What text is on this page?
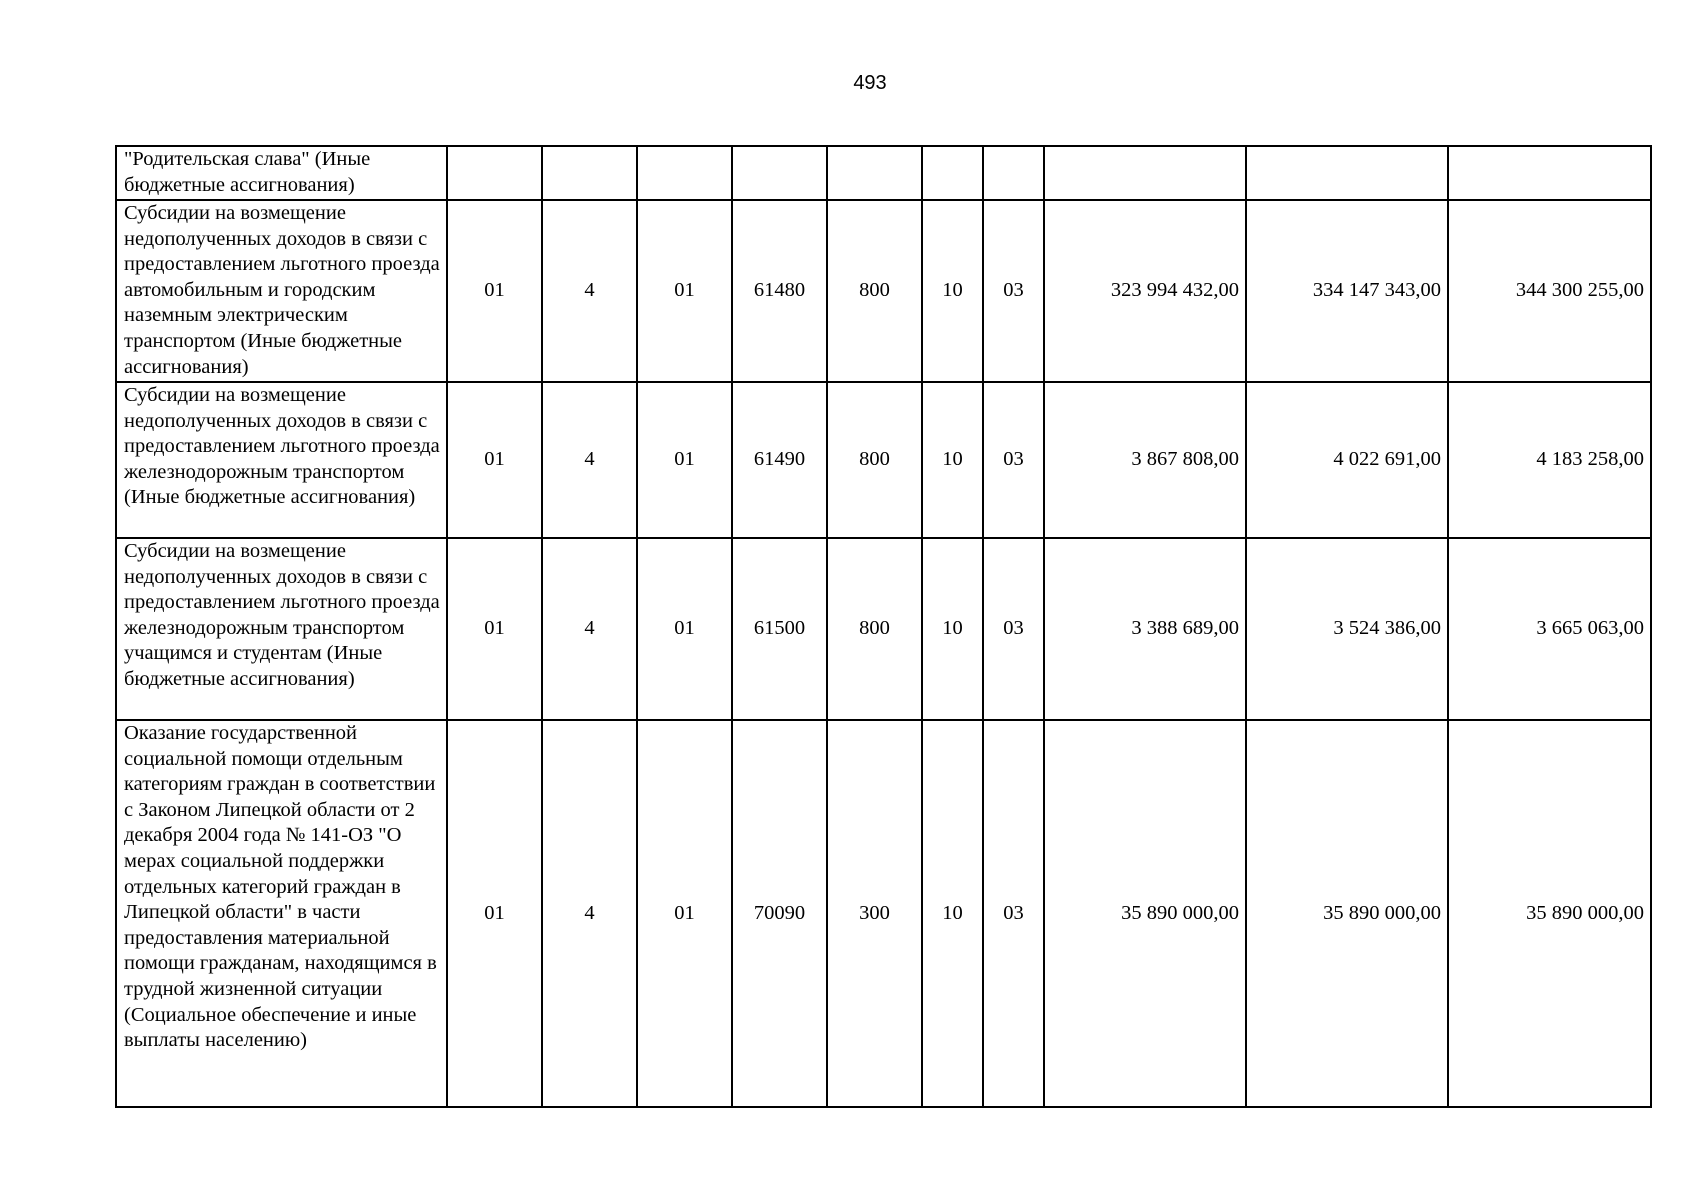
493
"Родительская слава" (Иные бюджетные ассигнования)										
Субсидии на возмещение недополученных доходов в связи с предоставлением льготного проезда автомобильным и городским наземным электрическим транспортом (Иные бюджетные ассигнования)	01	4	01	61480	800	10	03	323 994 432,00	334 147 343,00	344 300 255,00
Субсидии на возмещение недополученных доходов в связи с предоставлением льготного проезда железнодорожным транспортом (Иные бюджетные ассигнования)	01	4	01	61490	800	10	03	3 867 808,00	4 022 691,00	4 183 258,00
Субсидии на возмещение недополученных доходов в связи с предоставлением льготного проезда железнодорожным транспортом учащимся и студентам (Иные бюджетные ассигнования)	01	4	01	61500	800	10	03	3 388 689,00	3 524 386,00	3 665 063,00
Оказание государственной социальной помощи отдельным категориям граждан в соответствии с Законом Липецкой области от 2 декабря 2004 года № 141-ОЗ "О мерах социальной поддержки отдельных категорий граждан в Липецкой области" в части предоставления материальной помощи гражданам, находящимся в трудной жизненной ситуации (Социальное обеспечение и иные выплаты населению)	01	4	01	70090	300	10	03	35 890 000,00	35 890 000,00	35 890 000,00
